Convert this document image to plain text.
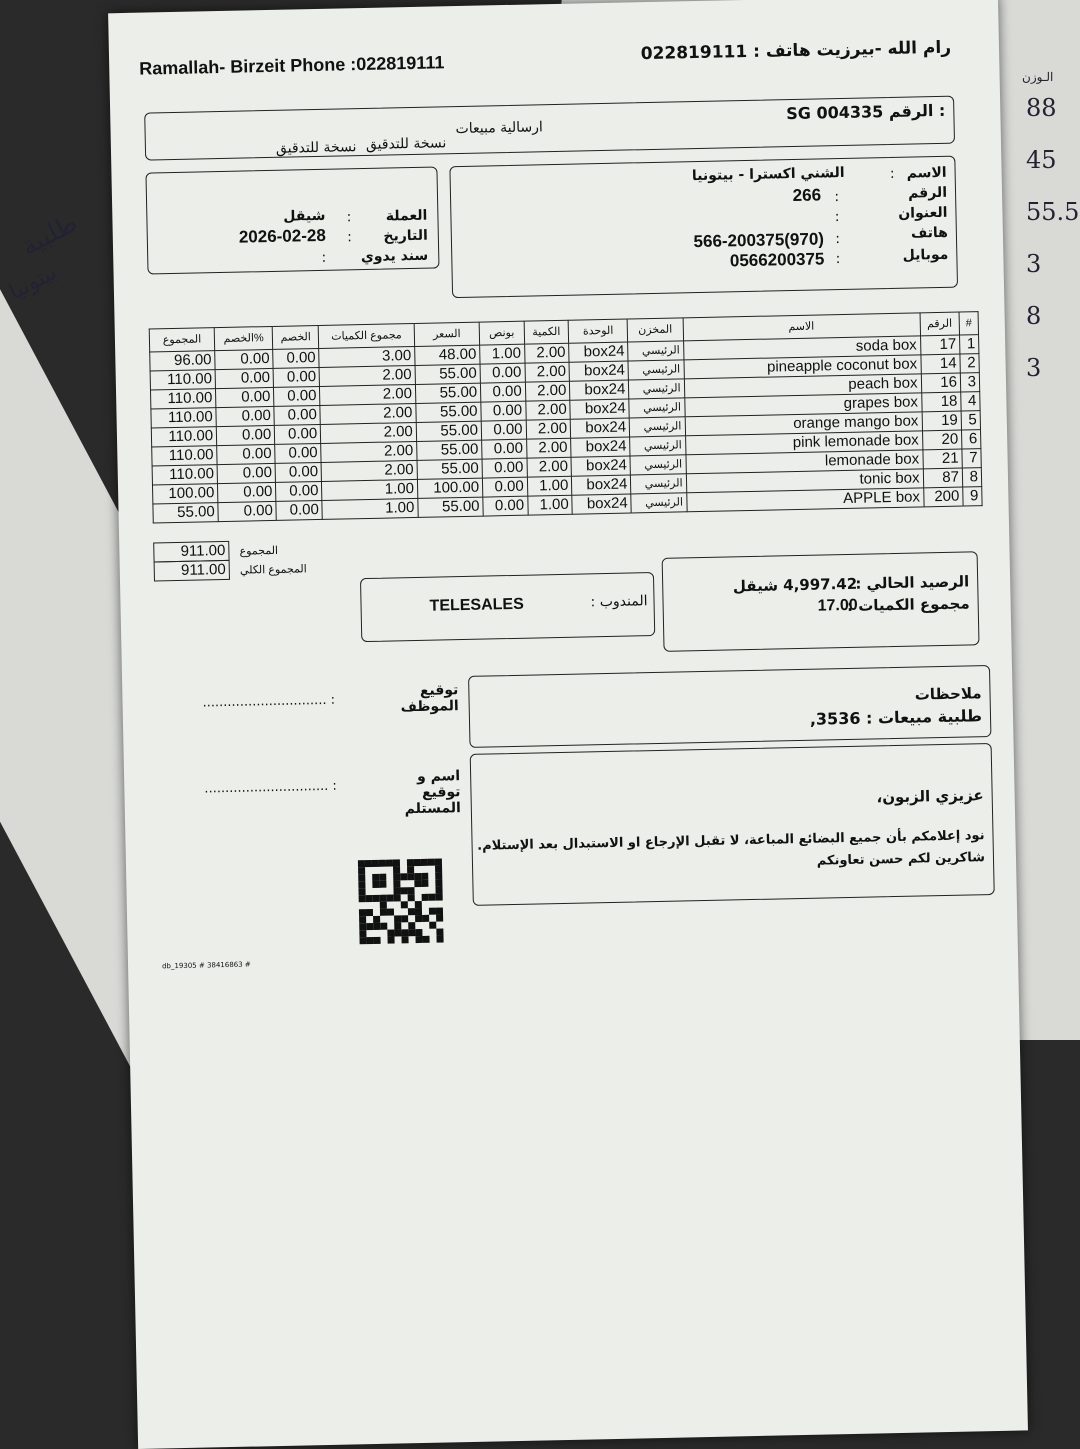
طلبية
بيتونيا
الـوزن
88
45
55.5
3
8
3
Ramallah- Birzeit Phone :022819111	رام الله -بيرزيت هاتف : 022819111
SG 004335 الرقم :
ارسالية مبيعات
نسخة للتدقيق
نسخة للتدقيق
العملة
:
شيقل
التاريخ
:
2026-02-28
سند يدوي
:
الاسم
:
الشني اكسترا - بيتونيا
الرقم
:
266
العنوان
:
هاتف
:
566-200375(970)
موبايل
:
0566200375
المجموع	الخصم%	الخصم	مجموع الكميات	السعر	بونص	الكمية	الوحدة	المخزن	الاسم	الرقم	#
96.00	0.00	0.00	3.00	48.00	1.00	2.00	box24	الرئيسي	soda box	17	1
110.00	0.00	0.00	2.00	55.00	0.00	2.00	box24	الرئيسي	pineapple coconut box	14	2
110.00	0.00	0.00	2.00	55.00	0.00	2.00	box24	الرئيسي	peach box	16	3
110.00	0.00	0.00	2.00	55.00	0.00	2.00	box24	الرئيسي	grapes box	18	4
110.00	0.00	0.00	2.00	55.00	0.00	2.00	box24	الرئيسي	orange mango box	19	5
110.00	0.00	0.00	2.00	55.00	0.00	2.00	box24	الرئيسي	pink lemonade box	20	6
110.00	0.00	0.00	2.00	55.00	0.00	2.00	box24	الرئيسي	lemonade box	21	7
100.00	0.00	0.00	1.00	100.00	0.00	1.00	box24	الرئيسي	tonic box	87	8
55.00	0.00	0.00	1.00	55.00	0.00	1.00	box24	الرئيسي	APPLE box	200	9
911.00 المجموع
911.00 المجموع الكلي
TELESALES	المندوب :
الرصيد الحالي :
4,997.42 شيقل
مجموع الكميات :
17.00
توقيع الموظف
.............................. :
اسم و توقيع المستلم
.............................. :
ملاحظات
طلبية مبيعات : 3536,
عزيزي الزبون،
نود إعلامكم بأن جميع البضائع المباعة، لا تقبل الإرجاع او الاستبدال بعد الإستلام.
شاكرين لكم حسن تعاونكم
db_19305 # 38416863 #
